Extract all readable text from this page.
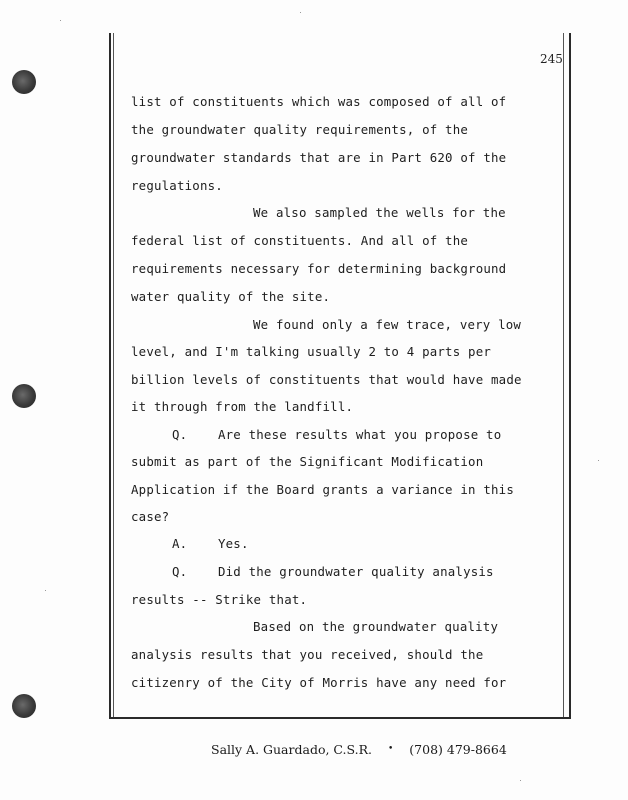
245
list of constituents which was composed of all of
the groundwater quality requirements, of the
groundwater standards that are in Part 620 of the
regulations.
We also sampled the wells for the
federal list of constituents. And all of the
requirements necessary for determining background
water quality of the site.
We found only a few trace, very low
level, and I'm talking usually 2 to 4 parts per
billion levels of constituents that would have made
it through from the landfill.
Q.    Are these results what you propose to
submit as part of the Significant Modification
Application if the Board grants a variance in this
case?
A.    Yes.
Q.    Did the groundwater quality analysis
results -- Strike that.
Based on the groundwater quality
analysis results that you received, should the
citizenry of the City of Morris have any need for
Sally A. Guardado, C.S.R. • (708) 479-8664
